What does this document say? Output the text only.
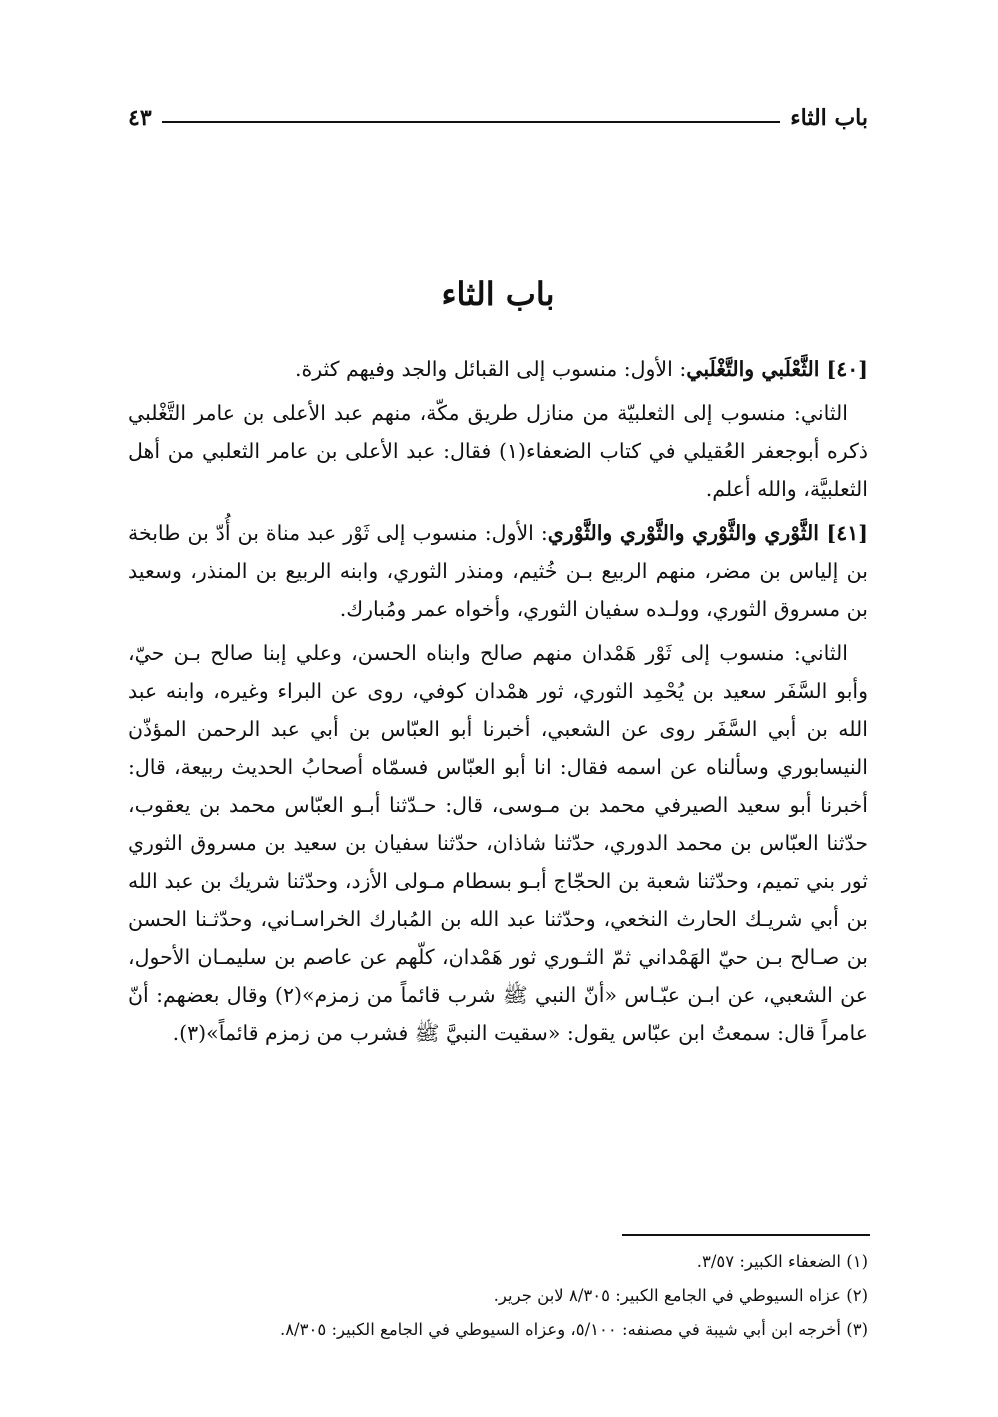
باب الثاء
٤٣
باب الثاء

[٤٠] الثَّعْلَبي والتَّغْلَبي: الأول: منسوب إلى القبائل والجد وفيهم كثرة.

الثاني: منسوب إلى الثعلبيّة من منازل طريق مكّة، منهم عبد الأعلى بن عامر التَّغْلبي ذكره أبوجعفر العُقيلي في كتاب الضعفاء(١) فقال: عبد الأعلى بن عامر الثعلبي من أهل الثعلبيَّة، والله أعلم.

[٤١] الثَّوْري والثَّوْري والثَّوْري والثَّوْري: الأول: منسوب إلى ثَوْر عبد مناة بن أُدّ بن طابخة بن إلياس بن مضر، منهم الربيع بـن خُثيم، ومنذر الثوري، وابنه الربيع بن المنذر، وسعيد بن مسروق الثوري، وولـده سفيان الثوري، وأخواه عمر ومُبارك.

الثاني: منسوب إلى ثَوْر هَمْدان منهم صالح وابناه الحسن، وعلي إبنا صالح بـن حيّ، وأبو السَّفَر سعيد بن يُحْمِد الثوري، ثور همْدان كوفي، روى عن البراء وغيره، وابنه عبد الله بن أبي السَّفَر روى عن الشعبي، أخبرنا أبو العبّاس بن أبي عبد الرحمن المؤذّن النيسابوري وسألناه عن اسمه فقال: انا أبو العبّاس فسمّاه أصحابُ الحديث ربيعة، قال: أخبرنا أبو سعيد الصيرفي محمد بن مـوسى، قال: حـدّثنا أبـو العبّاس محمد بن يعقوب، حدّثنا العبّاس بن محمد الدوري، حدّثنا شاذان، حدّثنا سفيان بن سعيد بن مسروق الثوري ثور بني تميم، وحدّثنا شعبة بن الحجّاج أبـو بسطام مـولى الأزد، وحدّثنا شريك بن عبد الله بن أبي شريـك الحارث النخعي، وحدّثنا عبد الله بن المُبارك الخراسـاني، وحدّثـنا الحسن بن صـالح بـن حيّ الهَمْداني ثمّ الثـوري ثور هَمْدان، كلّهم عن عاصم بن سليمـان الأحول، عن الشعبي، عن ابـن عبّـاس «أنّ النبي ﷺ شرب قائماً من زمزم»(٢) وقال بعضهم: أنّ عامراً قال: سمعتُ ابن عبّاس يقول: «سقيت النبيَّ ﷺ فشرب من زمزم قائماً»(٣).

(١) الضعفاء الكبير: ٣/٥٧.
(٢) عزاه السيوطي في الجامع الكبير: ٨/٣٠٥ لابن جرير.
(٣) أخرجه ابن أبي شيبة في مصنفه: ٥/١٠٠، وعزاه السيوطي في الجامع الكبير: ٨/٣٠٥.
